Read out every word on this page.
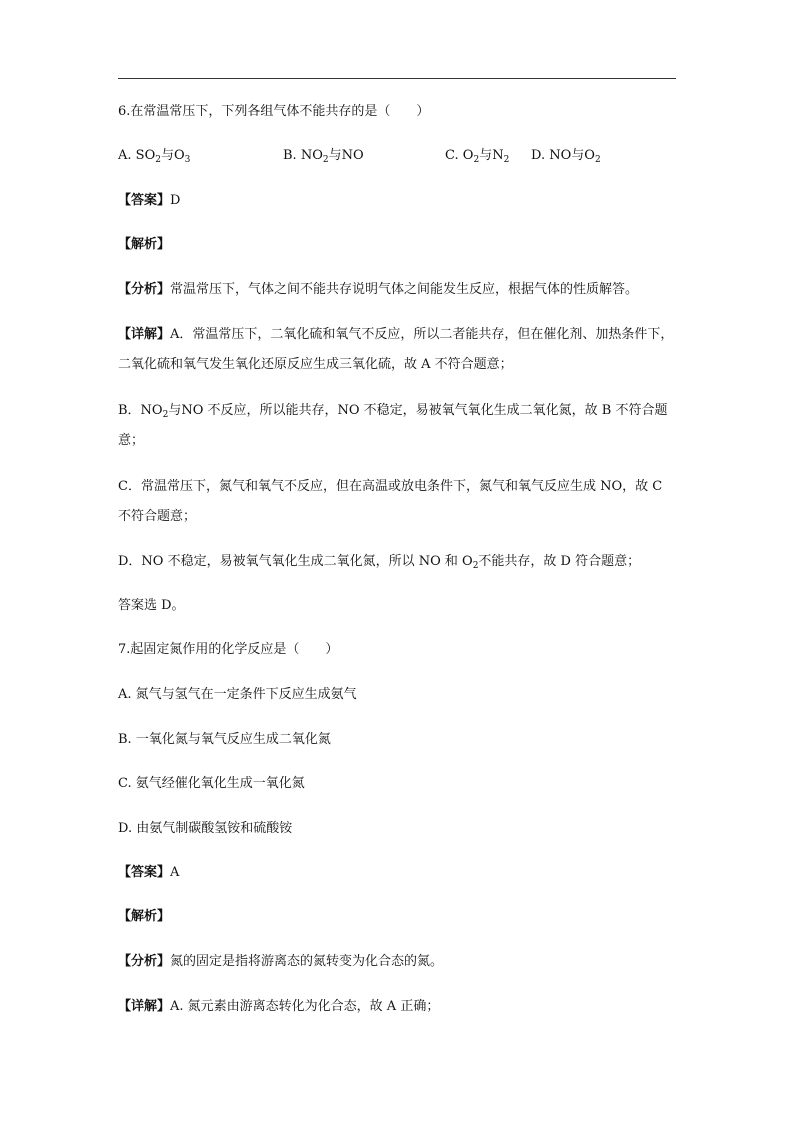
6.在常温常压下，下列各组气体不能共存的是（　　）
A. $SO_2$与$O_3$	B. $NO_2$与NO	C. $O_2$与$N_2$ D. NO与$O_2$
【答案】D
【解析】
【分析】常温常压下，气体之间不能共存说明气体之间能发生反应，根据气体的性质解答。
【详解】A．常温常压下，二氧化硫和氧气不反应，所以二者能共存，但在催化剂、加热条件下，二氧化硫和氧气发生氧化还原反应生成三氧化硫，故 A 不符合题意；
B．$NO_2$与NO 不反应，所以能共存，NO 不稳定，易被氧气氧化生成二氧化氮，故 B 不符合题意；
C．常温常压下，氮气和氧气不反应，但在高温或放电条件下，氮气和氧气反应生成 NO，故 C 不符合题意；
D．NO 不稳定，易被氧气氧化生成二氧化氮，所以 NO 和 $O_2$不能共存，故 D 符合题意；
答案选 D。
7.起固定氮作用的化学反应是（　　）
A. 氮气与氢气在一定条件下反应生成氨气
B. 一氧化氮与氧气反应生成二氧化氮
C. 氨气经催化氧化生成一氧化氮
D. 由氨气制碳酸氢铵和硫酸铵
【答案】A
【解析】
【分析】氮的固定是指将游离态的氮转变为化合态的氮。
【详解】A. 氮元素由游离态转化为化合态，故 A 正确；
